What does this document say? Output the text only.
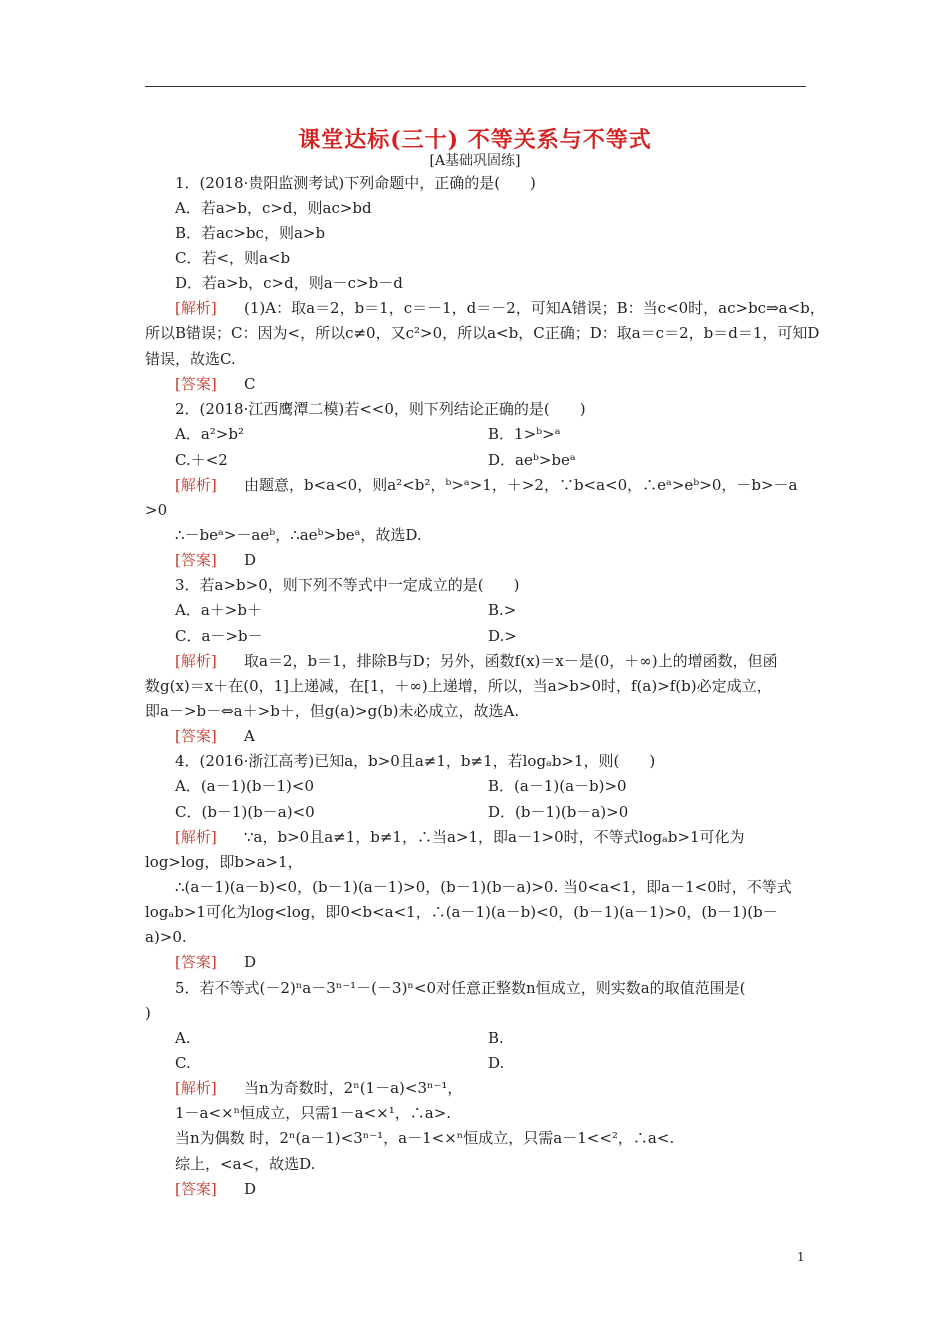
课堂达标(三十) 不等关系与不等式
[A基础巩固练]
1．(2018·贵阳监测考试)下列命题中，正确的是(　　)
A．若a>b，c>d，则ac>bd
B．若ac>bc，则a>b
C．若<，则a<b
D．若a>b，c>d，则a－c>b－d
[解析] (1)A：取a＝2，b＝1，c＝－1，d＝－2，可知A错误；B：当c<0时，ac>bc⇒a<b，
所以B错误；C：因为<，所以c≠0，又c²>0，所以a<b，C正确；D：取a＝c＝2，b＝d＝1，可知D
错误，故选C.
[答案] C
2．(2018·江西鹰潭二模)若<<0，则下列结论正确的是(　　)
A．a²>b²	B．1>ᵇ>ᵃ
C.＋<2	D．aeᵇ>beᵃ
[解析] 由题意，b<a<0，则a²<b²，ᵇ>ᵃ>1，＋>2，∵b<a<0，∴eᵃ>eᵇ>0，－b>－a
>0
∴－beᵃ>－aeᵇ，∴aeᵇ>beᵃ，故选D.
[答案] D
3．若a>b>0，则下列不等式中一定成立的是(　　)
A．a＋>b＋	B.>
C．a－>b－	D.>
[解析] 取a＝2，b＝1，排除B与D；另外，函数f(x)＝x－是(0，＋∞)上的增函数，但函
数g(x)＝x＋在(0，1]上递减，在[1，＋∞)上递增，所以，当a>b>0时，f(a)>f(b)必定成立，
即a－>b－⇔a＋>b＋，但g(a)>g(b)未必成立，故选A.
[答案] A
4．(2016·浙江高考)已知a，b>0且a≠1，b≠1，若logₐb>1，则(　　)
A．(a－1)(b－1)<0	B．(a－1)(a－b)>0
C．(b－1)(b－a)<0	D．(b－1)(b－a)>0
[解析] ∵a，b>0且a≠1，b≠1，∴当a>1，即a－1>0时，不等式logₐb>1可化为
log>log，即b>a>1，
∴(a－1)(a－b)<0，(b－1)(a－1)>0，(b－1)(b－a)>0. 当0<a<1，即a－1<0时，不等式
logₐb>1可化为log<log，即0<b<a<1，∴(a－1)(a－b)<0，(b－1)(a－1)>0，(b－1)(b－
a)>0.
[答案] D
5．若不等式(－2)ⁿa－3ⁿ⁻¹－(－3)ⁿ<0对任意正整数n恒成立，则实数a的取值范围是(
)
A.	B.
C.	D.
[解析] 当n为奇数时，2ⁿ(1－a)<3ⁿ⁻¹，
1－a<×ⁿ恒成立，只需1－a<×¹，∴a>.
当n为偶数 时，2ⁿ(a－1)<3ⁿ⁻¹，a－1<×ⁿ恒成立，只需a－1<<²，∴a<.
综上，<a<，故选D.
[答案] D
1
